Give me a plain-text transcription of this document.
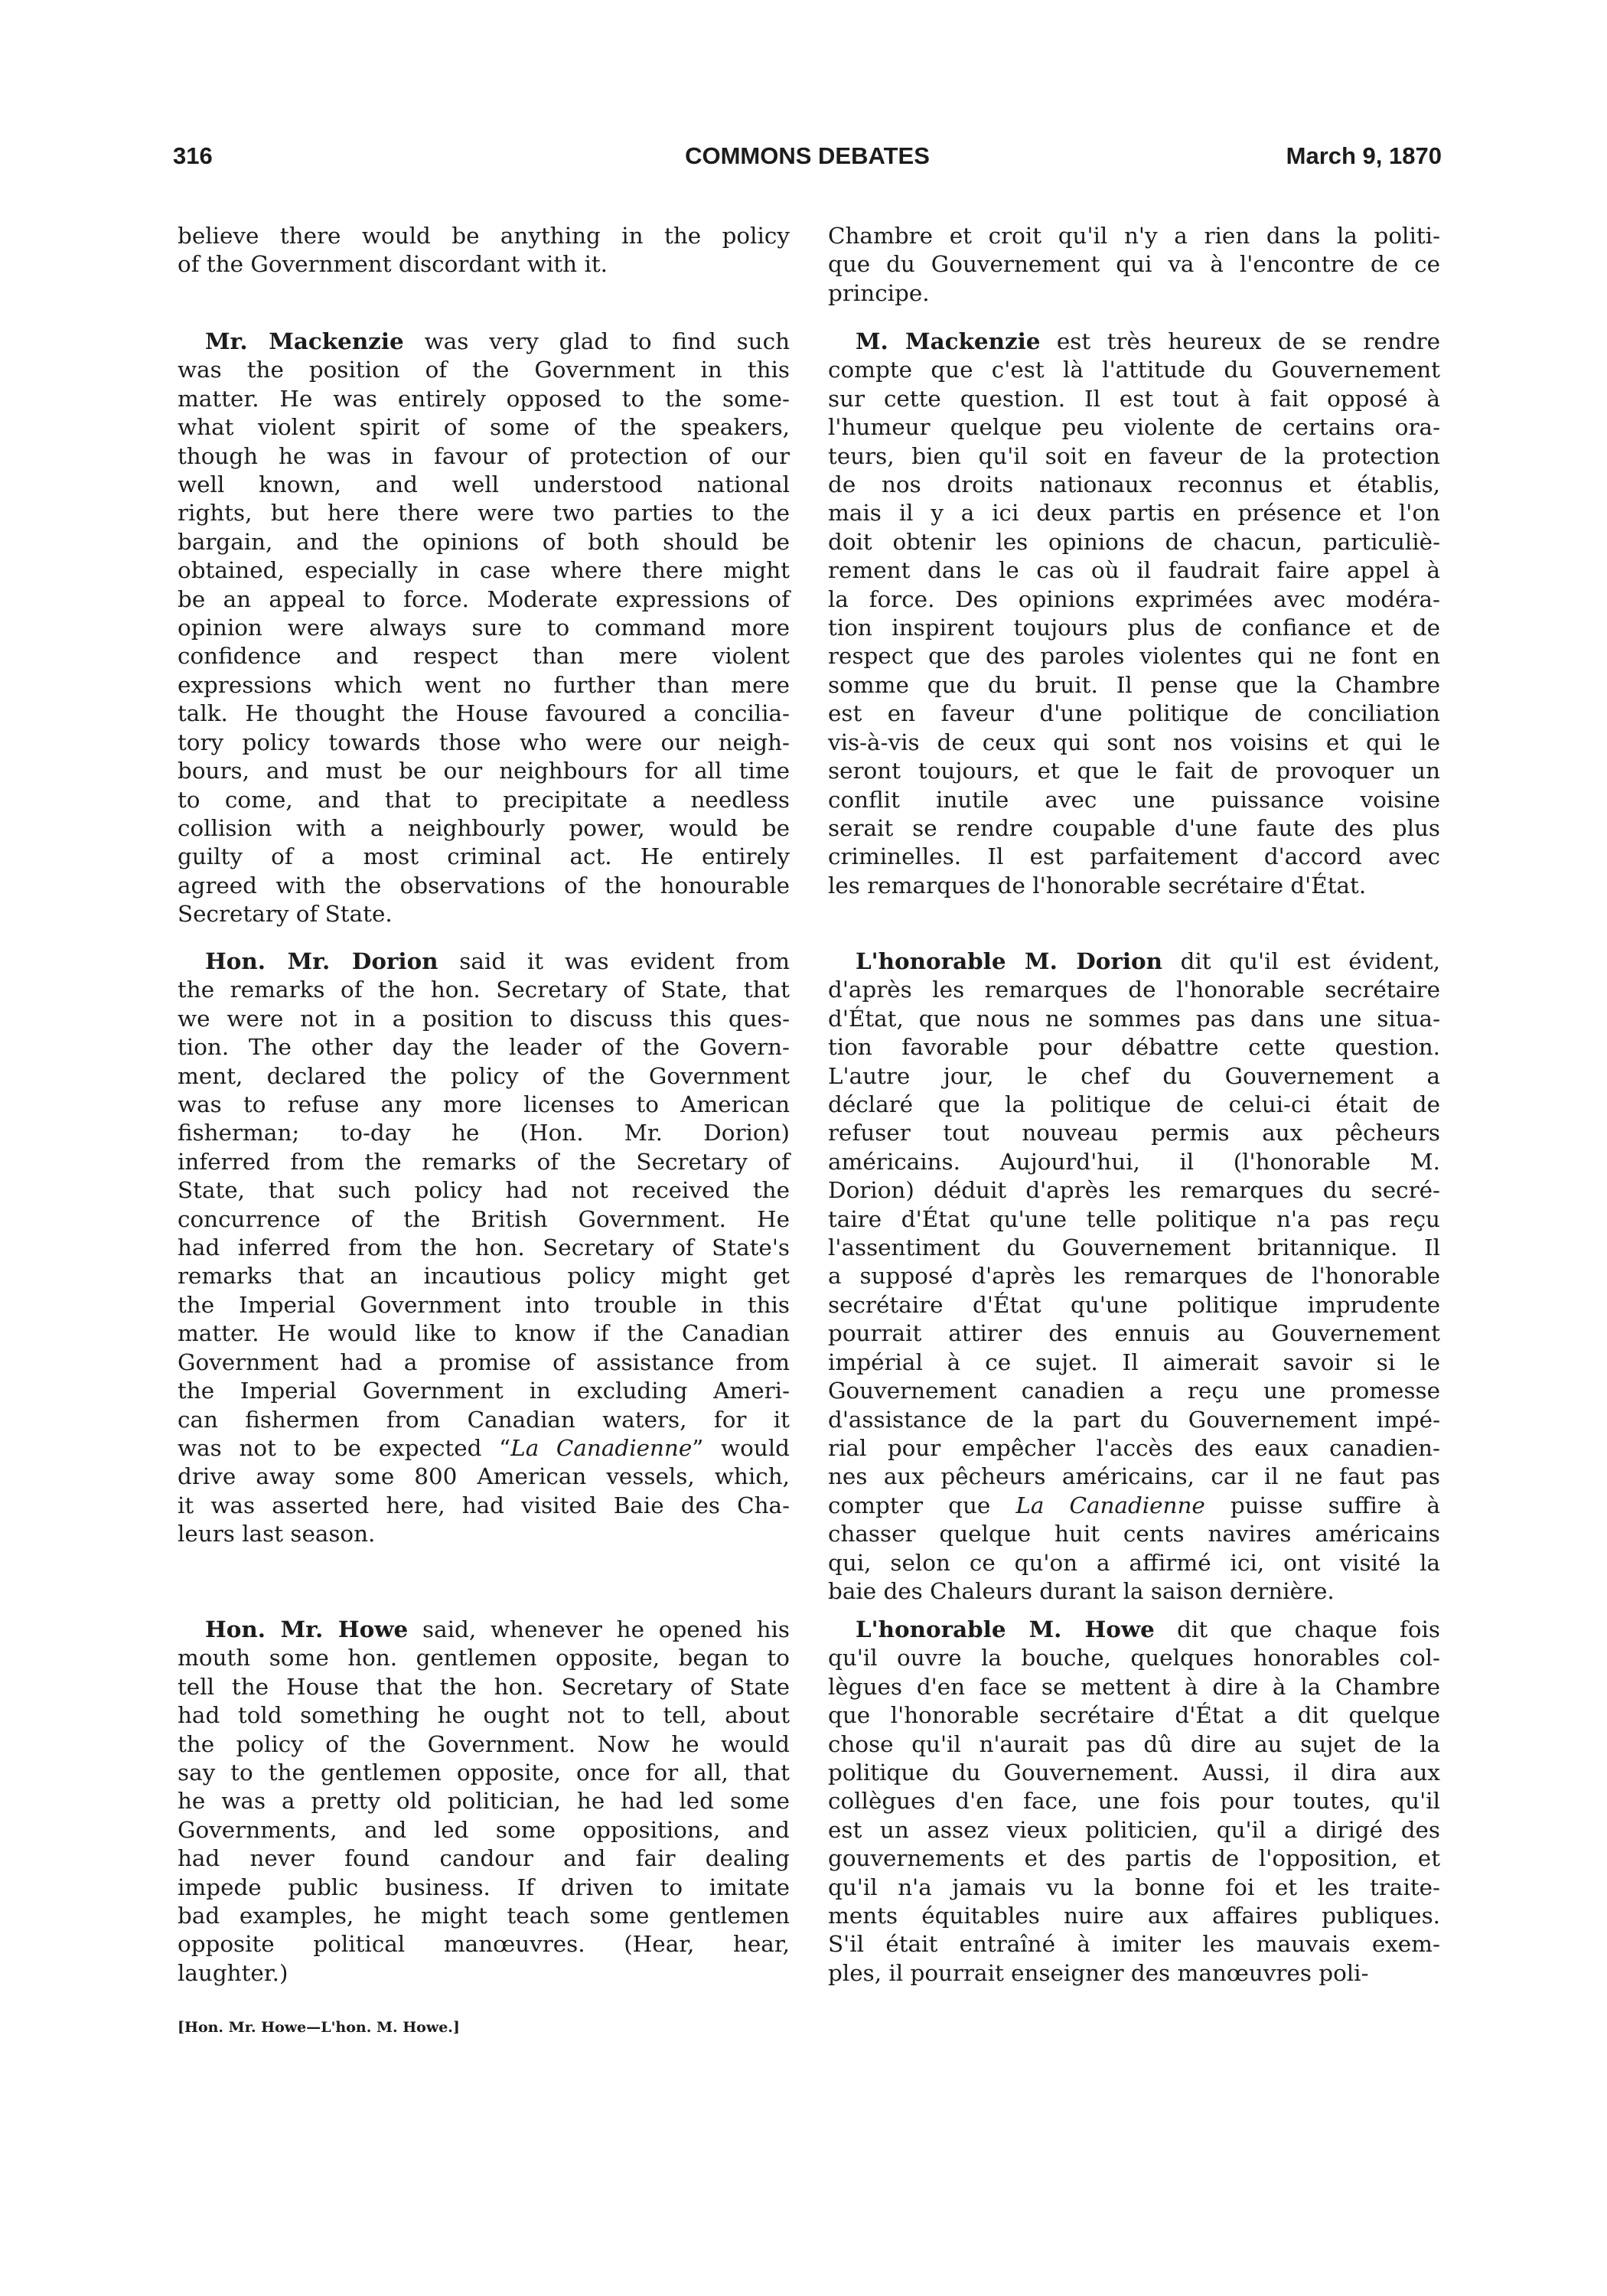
316	COMMONS DEBATES	March 9, 1870
believe there would be anything in the policy
of the Government discordant with it.
Mr. Mackenzie was very glad to find such
was the position of the Government in this
matter. He was entirely opposed to the some-
what violent spirit of some of the speakers,
though he was in favour of protection of our
well known, and well understood national
rights, but here there were two parties to the
bargain, and the opinions of both should be
obtained, especially in case where there might
be an appeal to force. Moderate expressions of
opinion were always sure to command more
confidence and respect than mere violent
expressions which went no further than mere
talk. He thought the House favoured a concilia-
tory policy towards those who were our neigh-
bours, and must be our neighbours for all time
to come, and that to precipitate a needless
collision with a neighbourly power, would be
guilty of a most criminal act. He entirely
agreed with the observations of the honourable
Secretary of State.
Hon. Mr. Dorion said it was evident from
the remarks of the hon. Secretary of State, that
we were not in a position to discuss this ques-
tion. The other day the leader of the Govern-
ment, declared the policy of the Government
was to refuse any more licenses to American
fisherman; to-day he (Hon. Mr. Dorion)
inferred from the remarks of the Secretary of
State, that such policy had not received the
concurrence of the British Government. He
had inferred from the hon. Secretary of State's
remarks that an incautious policy might get
the Imperial Government into trouble in this
matter. He would like to know if the Canadian
Government had a promise of assistance from
the Imperial Government in excluding Ameri-
can fishermen from Canadian waters, for it
was not to be expected “La Canadienne” would
drive away some 800 American vessels, which,
it was asserted here, had visited Baie des Cha-
leurs last season.
Hon. Mr. Howe said, whenever he opened his
mouth some hon. gentlemen opposite, began to
tell the House that the hon. Secretary of State
had told something he ought not to tell, about
the policy of the Government. Now he would
say to the gentlemen opposite, once for all, that
he was a pretty old politician, he had led some
Governments, and led some oppositions, and
had never found candour and fair dealing
impede public business. If driven to imitate
bad examples, he might teach some gentlemen
opposite political manœuvres. (Hear, hear,
laughter.)
Chambre et croit qu'il n'y a rien dans la politi-
que du Gouvernement qui va à l'encontre de ce
principe.
M. Mackenzie est très heureux de se rendre
compte que c'est là l'attitude du Gouvernement
sur cette question. Il est tout à fait opposé à
l'humeur quelque peu violente de certains ora-
teurs, bien qu'il soit en faveur de la protection
de nos droits nationaux reconnus et établis,
mais il y a ici deux partis en présence et l'on
doit obtenir les opinions de chacun, particuliè-
rement dans le cas où il faudrait faire appel à
la force. Des opinions exprimées avec modéra-
tion inspirent toujours plus de confiance et de
respect que des paroles violentes qui ne font en
somme que du bruit. Il pense que la Chambre
est en faveur d'une politique de conciliation
vis-à-vis de ceux qui sont nos voisins et qui le
seront toujours, et que le fait de provoquer un
conflit inutile avec une puissance voisine
serait se rendre coupable d'une faute des plus
criminelles. Il est parfaitement d'accord avec
les remarques de l'honorable secrétaire d'État.
L'honorable M. Dorion dit qu'il est évident,
d'après les remarques de l'honorable secrétaire
d'État, que nous ne sommes pas dans une situa-
tion favorable pour débattre cette question.
L'autre jour, le chef du Gouvernement a
déclaré que la politique de celui-ci était de
refuser tout nouveau permis aux pêcheurs
américains. Aujourd'hui, il (l'honorable M.
Dorion) déduit d'après les remarques du secré-
taire d'État qu'une telle politique n'a pas reçu
l'assentiment du Gouvernement britannique. Il
a supposé d'après les remarques de l'honorable
secrétaire d'État qu'une politique imprudente
pourrait attirer des ennuis au Gouvernement
impérial à ce sujet. Il aimerait savoir si le
Gouvernement canadien a reçu une promesse
d'assistance de la part du Gouvernement impé-
rial pour empêcher l'accès des eaux canadien-
nes aux pêcheurs américains, car il ne faut pas
compter que La Canadienne puisse suffire à
chasser quelque huit cents navires américains
qui, selon ce qu'on a affirmé ici, ont visité la
baie des Chaleurs durant la saison dernière.
L'honorable M. Howe dit que chaque fois
qu'il ouvre la bouche, quelques honorables col-
lègues d'en face se mettent à dire à la Chambre
que l'honorable secrétaire d'État a dit quelque
chose qu'il n'aurait pas dû dire au sujet de la
politique du Gouvernement. Aussi, il dira aux
collègues d'en face, une fois pour toutes, qu'il
est un assez vieux politicien, qu'il a dirigé des
gouvernements et des partis de l'opposition, et
qu'il n'a jamais vu la bonne foi et les traite-
ments équitables nuire aux affaires publiques.
S'il était entraîné à imiter les mauvais exem-
ples, il pourrait enseigner des manœuvres poli-
[Hon. Mr. Howe—L'hon. M. Howe.]
